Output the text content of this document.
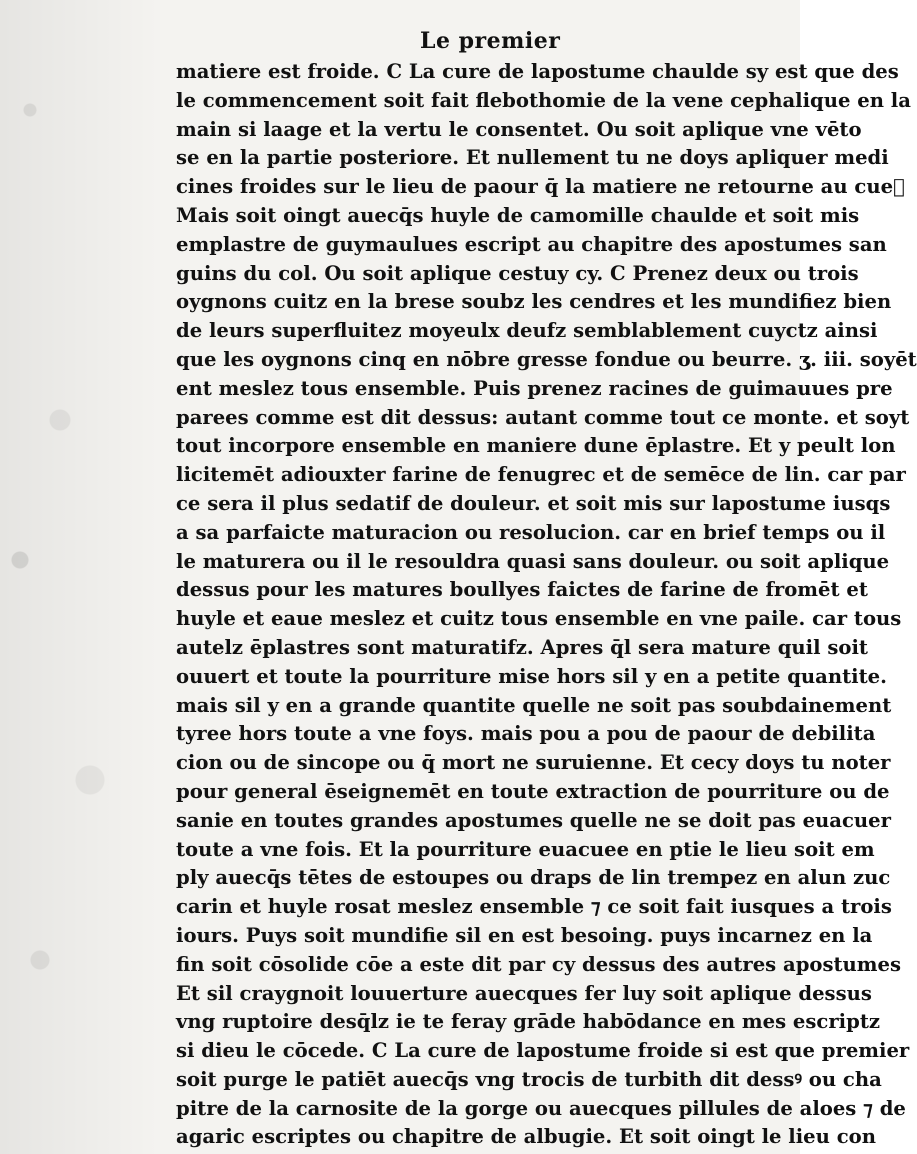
Le premier
matiere est froide. C La cure de lapostume chaulde sy est que des
le commencement soit fait flebothomie de la vene cephalique en la
main si laage et la vertu le consentet. Ou soit aplique vne vēto
se en la partie posteriore. Et nullement tu ne doys apliquer medi
cines froides sur le lieu de paour q̄ la matiere ne retourne au cueᷣ
Mais soit oingt auecq̄s huyle de camomille chaulde et soit mis
emplastre de guymaulues escript au chapitre des apostumes san
guins du col. Ou soit aplique cestuy cy. C Prenez deux ou trois
oygnons cuitz en la brese soubz les cendres et les mundifiez bien
de leurs superfluitez moyeulx deufz semblablement cuyctz ainsi
que les oygnons cinq en nōbre gresse fondue ou beurre. ʒ. iii. soyēt
ent meslez tous ensemble. Puis prenez racines de guimauues pre
parees comme est dit dessus: autant comme tout ce monte. et soyt
tout incorpore ensemble en maniere dune ēplastre. Et y peult lon
licitemēt adiouxter farine de fenugrec et de semēce de lin. car par
ce sera il plus sedatif de douleur. et soit mis sur lapostume iusqs
a sa parfaicte maturacion ou resolucion. car en brief temps ou il
le maturera ou il le resouldra quasi sans douleur. ou soit aplique
dessus pour les matures boullyes faictes de farine de fromēt et
huyle et eaue meslez et cuitz tous ensemble en vne paile. car tous
autelz ēplastres sont maturatifz. Apres q̄l sera mature quil soit
ouuert et toute la pourriture mise hors sil y en a petite quantite.
mais sil y en a grande quantite quelle ne soit pas soubdainement
tyree hors toute a vne foys. mais pou a pou de paour de debilita
cion ou de sincope ou q̄ mort ne suruienne. Et cecy doys tu noter
pour general ēseignemēt en toute extraction de pourriture ou de
sanie en toutes grandes apostumes quelle ne se doit pas euacuer
toute a vne fois. Et la pourriture euacuee en ptie le lieu soit em
ply auecq̄s tētes de estoupes ou draps de lin trempez en alun zuc
carin et huyle rosat meslez ensemble ⁊ ce soit fait iusques a trois
iours. Puys soit mundifie sil en est besoing. puys incarnez en la
fin soit cōsolide cōe a este dit par cy dessus des autres apostumes
Et sil craygnoit louuerture auecques fer luy soit aplique dessus
vng ruptoire desq̄lz ie te feray grāde habōdance en mes escriptz
si dieu le cōcede. C La cure de lapostume froide si est que premier
soit purge le patiēt auecq̄s vng trocis de turbith dit dessꝰ ou cha
pitre de la carnosite de la gorge ou auecques pillules de aloes ⁊ de
agaric escriptes ou chapitre de albugie. Et soit oingt le lieu con
